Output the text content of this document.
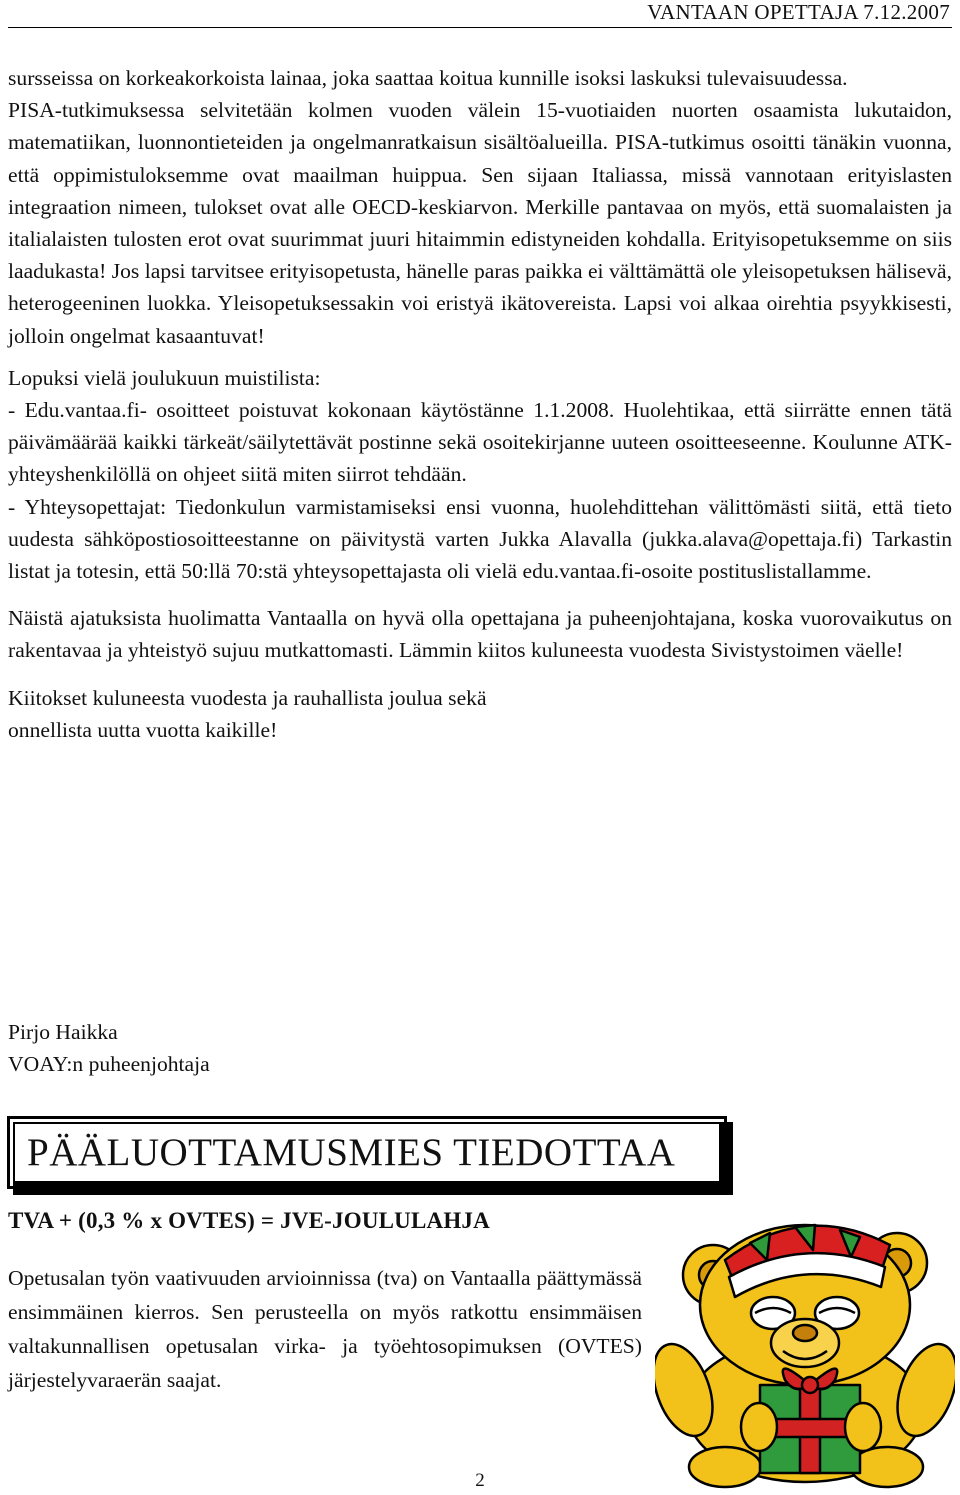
VANTAAN OPETTAJA 7.12.2007

sursseissa on korkeakorkoista lainaa, joka saattaa koitua kunnille isoksi laskuksi tulevaisuudessa.

PISA-tutkimuksessa selvitetään kolmen vuoden välein 15-vuotiaiden nuorten osaamista lukutaidon, matematiikan, luonnontieteiden ja ongelmanratkaisun sisältöalueilla. PISA-tutkimus osoitti tänäkin vuonna, että oppimistuloksemme ovat maailman huippua. Sen sijaan Italiassa, missä vannotaan erityislasten integraation nimeen, tulokset ovat alle OECD-keskiarvon. Merkille pantavaa on myös, että suomalaisten ja italialaisten tulosten erot ovat suurimmat juuri hitaimmin edistyneiden kohdalla. Erityisopetuksemme on siis laadukasta! Jos lapsi tarvitsee erityisopetusta, hänelle paras paikka ei välttämättä ole yleisopetuksen hälisevä, heterogeeninen luokka. Yleisopetuksessakin voi eristyä ikätovereista. Lapsi voi alkaa oirehtia psyykkisesti, jolloin ongelmat kasaantuvat!

Lopuksi vielä joulukuun muistilista:

- Edu.vantaa.fi- osoitteet poistuvat kokonaan käytöstänne 1.1.2008. Huolehtikaa, että siirrätte ennen tätä päivämäärää kaikki tärkeät/säilytettävät postinne sekä osoitekirjanne uuteen osoitteeseenne. Koulunne ATK-yhteyshenkilöllä on ohjeet siitä miten siirrot tehdään.

- Yhteysopettajat: Tiedonkulun varmistamiseksi ensi vuonna, huolehdittehan välittömästi siitä, että tieto uudesta sähköpostiosoitteestanne on päivitystä varten Jukka Alavalla (jukka.alava@opettaja.fi) Tarkastin listat ja totesin, että 50:llä 70:stä yhteysopettajasta oli vielä edu.vantaa.fi-osoite postituslistallamme.

Näistä ajatuksista huolimatta Vantaalla on hyvä olla opettajana ja puheenjohtajana, koska vuorovaikutus on rakentavaa ja yhteistyö sujuu mutkattomasti. Lämmin kiitos kuluneesta vuodesta Sivistystoimen väelle!

Kiitokset kuluneesta vuodesta ja rauhallista joulua sekä
onnellista uutta vuotta kaikille!

Pirjo Haikka
VOAY:n puheenjohtaja
PÄÄLUOTTAMUSMIES TIEDOTTAA
TVA + (0,3 % x OVTES) = JVE-JOULULAHJA
Opetusalan työn vaativuuden arvioinnissa (tva) on Vantaalla päättymässä ensimmäinen kierros. Sen perusteella on myös ratkottu ensimmäisen valtakunnallisen opetusalan virka- ja työehtosopimuksen (OVTES) järjestelyvaraerän saajat.
2
